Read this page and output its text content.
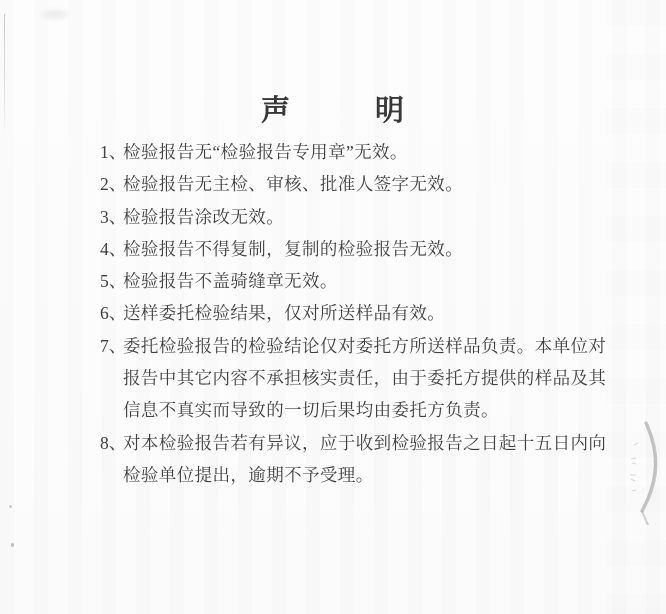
声	明
1、
检验报告无“检验报告专用章”无效。
2、
检验报告无主检、审核、批准人签字无效。
3、
检验报告涂改无效。
4、
检验报告不得复制，复制的检验报告无效。
5、
检验报告不盖骑缝章无效。
6、
送样委托检验结果，仅对所送样品有效。
7、
委托检验报告的检验结论仅对委托方所送样品负责。本单位对
报告中其它内容不承担核实责任，由于委托方提供的样品及其
信息不真实而导致的一切后果均由委托方负责。
8、
对本检验报告若有异议，应于收到检验报告之日起十五日内向
检验单位提出，逾期不予受理。
